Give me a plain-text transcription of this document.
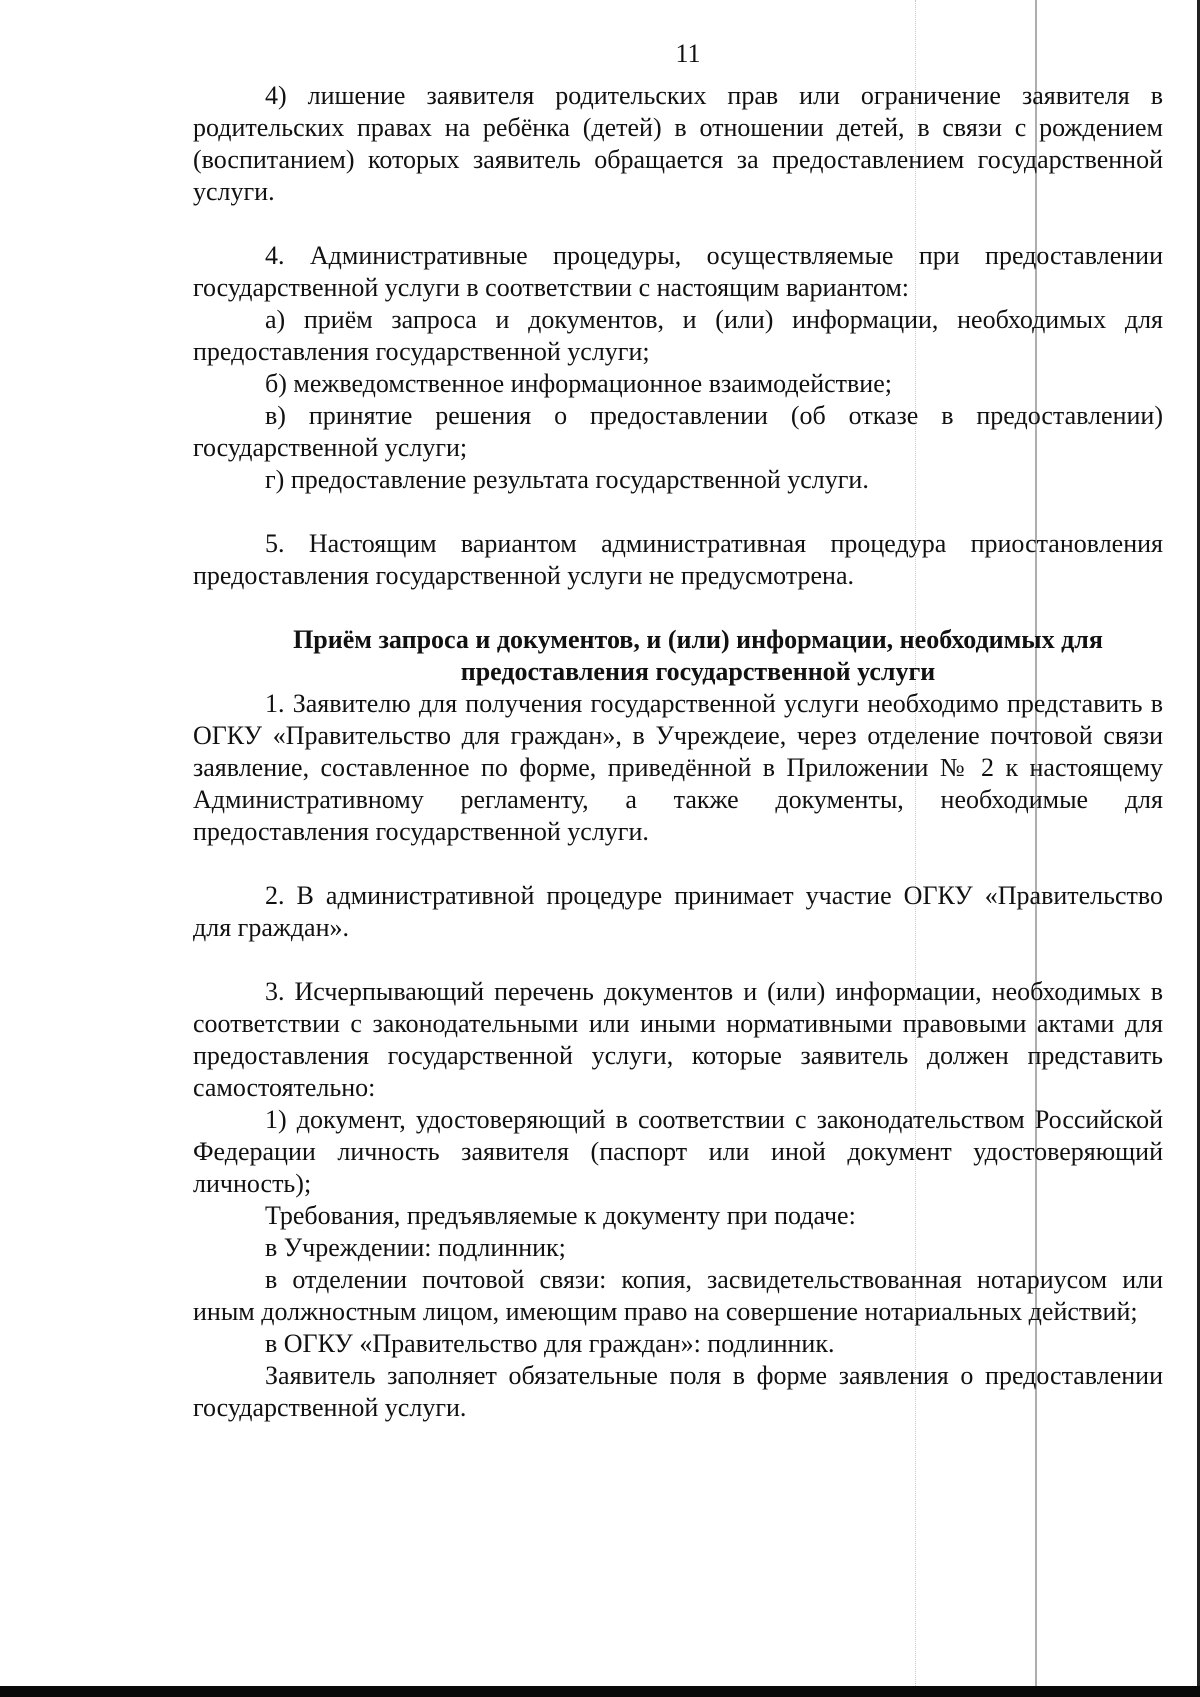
11

4) лишение заявителя родительских прав или ограничение заявителя в родительских правах на ребёнка (детей) в отношении детей, в связи с рождением (воспитанием) которых заявитель обращается за предоставлением государственной услуги.

4. Административные процедуры, осуществляемые при предоставлении государственной услуги в соответствии с настоящим вариантом:

а) приём запроса и документов, и (или) информации, необходимых для предоставления государственной услуги;

б) межведомственное информационное взаимодействие;

в) принятие решения о предоставлении (об отказе в предоставлении) государственной услуги;

г) предоставление результата государственной услуги.

5. Настоящим вариантом административная процедура приостановления предоставления государственной услуги не предусмотрена.

Приём запроса и документов, и (или) информации, необходимых для предоставления государственной услуги

1. Заявителю для получения государственной услуги необходимо представить в ОГКУ «Правительство для граждан», в Учреждеие, через отделение почтовой связи заявление, составленное по форме, приведённой в Приложении № 2 к настоящему Административному регламенту, а также документы, необходимые для предоставления государственной услуги.

2. В административной процедуре принимает участие ОГКУ «Правительство для граждан».

3. Исчерпывающий перечень документов и (или) информации, необходимых в соответствии с законодательными или иными нормативными правовыми актами для предоставления государственной услуги, которые заявитель должен представить самостоятельно:

1) документ, удостоверяющий в соответствии с законодательством Российской Федерации личность заявителя (паспорт или иной документ удостоверяющий личность);

Требования, предъявляемые к документу при подаче:

в Учреждении: подлинник;

в отделении почтовой связи: копия, засвидетельствованная нотариусом или иным должностным лицом, имеющим право на совершение нотариальных действий;

в ОГКУ «Правительство для граждан»: подлинник.

Заявитель заполняет обязательные поля в форме заявления о предоставлении государственной услуги.
